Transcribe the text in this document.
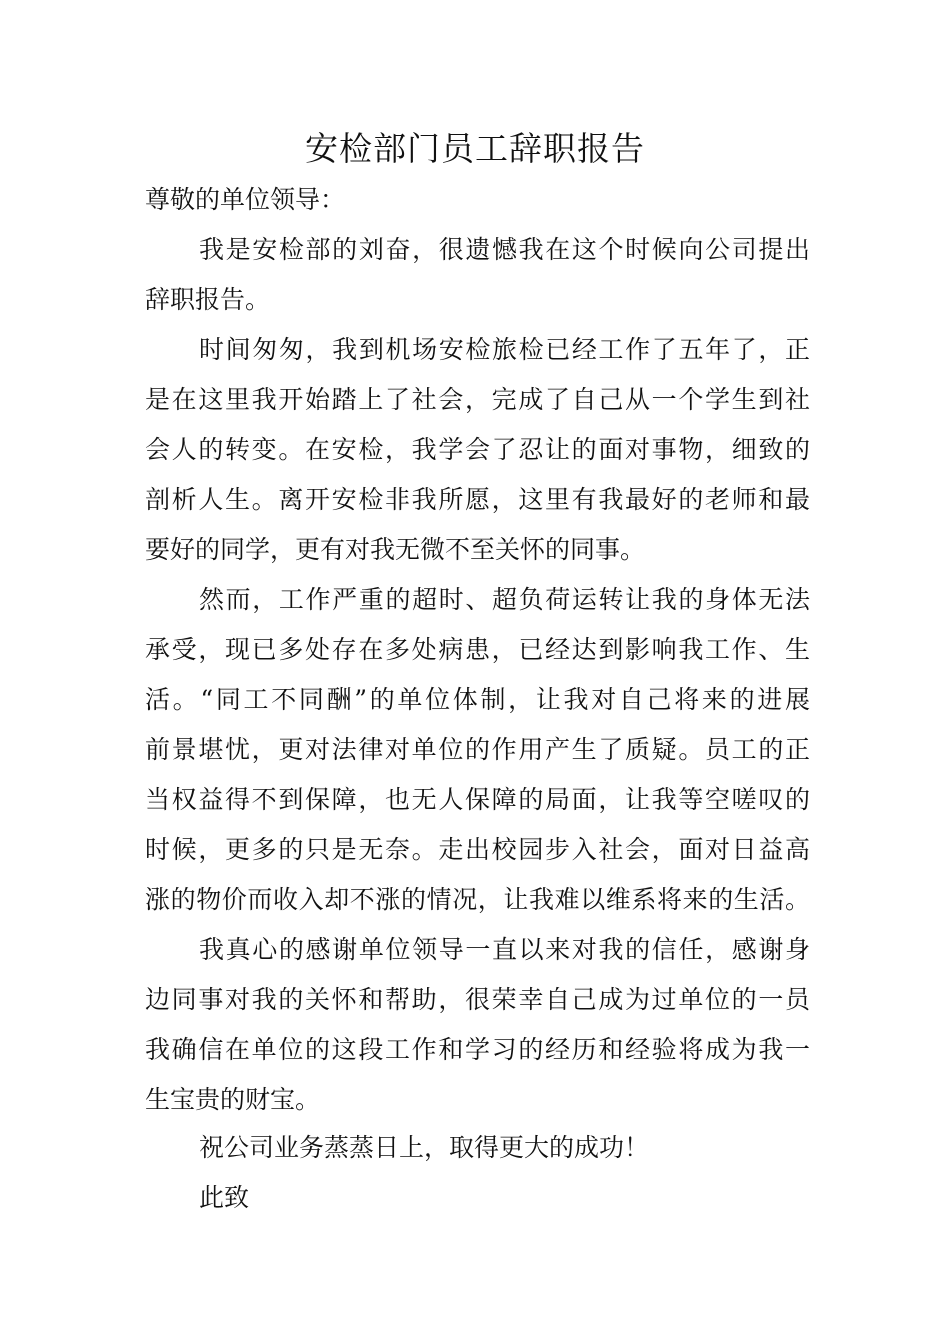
安检部门员工辞职报告
尊敬的单位领导：
我是安检部的刘奋，很遗憾我在这个时候向公司提出
辞职报告。
时间匆匆，我到机场安检旅检已经工作了五年了，正
是在这里我开始踏上了社会，完成了自己从一个学生到社
会人的转变。在安检，我学会了忍让的面对事物，细致的
剖析人生。离开安检非我所愿，这里有我最好的老师和最
要好的同学，更有对我无微不至关怀的同事。
然而，工作严重的超时、超负荷运转让我的身体无法
承受，现已多处存在多处病患，已经达到影响我工作、生
活。“同工不同酬”的单位体制，让我对自己将来的进展
前景堪忧，更对法律对单位的作用产生了质疑。员工的正
当权益得不到保障，也无人保障的局面，让我等空嗟叹的
时候，更多的只是无奈。走出校园步入社会，面对日益高
涨的物价而收入却不涨的情况，让我难以维系将来的生活。
我真心的感谢单位领导一直以来对我的信任，感谢身
边同事对我的关怀和帮助，很荣幸自己成为过单位的一员
我确信在单位的这段工作和学习的经历和经验将成为我一
生宝贵的财宝。
祝公司业务蒸蒸日上，取得更大的成功！
此致
